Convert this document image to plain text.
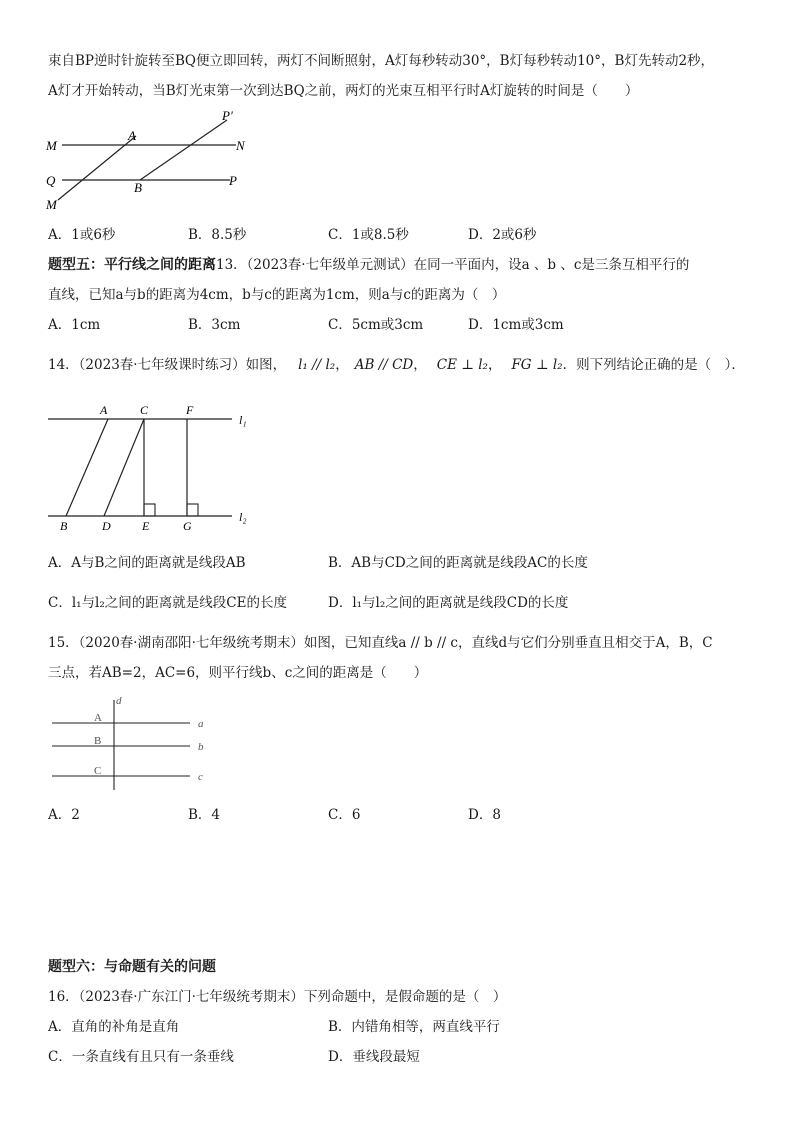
束自BP逆时针旋转至BQ便立即回转，两灯不间断照射，A灯每秒转动30°，B灯每秒转动10°，B灯先转动2秒，
A灯才开始转动，当B灯光束第一次到达BQ之前，两灯的光束互相平行时A灯旋转的时间是（　　）
M	N
A
P′
Q	B	P
M
A．1或6秒	B．8.5秒	C．1或8.5秒	D．2或6秒
题型五：平行线之间的距离13．（2023春·七年级单元测试）在同一平面内，设a 、b 、c是三条互相平行的
直线，已知a与b的距离为4cm，b与c的距离为1cm，则a与c的距离为（　）
A．1cm	B．3cm	C．5cm或3cm	D．1cm或3cm
14．（2023春·七年级课时练习）如图， l₁ // l₂， AB // CD， CE ⊥ l₂， FG ⊥ l₂．则下列结论正确的是（　）．
A	C	F
l₁
B	D	E	G
l₂
A．A与B之间的距离就是线段AB	B．AB与CD之间的距离就是线段AC的长度
C．l₁与l₂之间的距离就是线段CE的长度	D．l₁与l₂之间的距离就是线段CD的长度
15．（2020春·湖南邵阳·七年级统考期末）如图，已知直线a // b // c，直线d与它们分别垂直且相交于A，B，C
三点，若AB=2，AC=6，则平行线b、c之间的距离是（　　）
d
A
B
C
a
b
c
A．2	B．4	C．6	D．8
题型六：与命题有关的问题
16．（2023春·广东江门·七年级统考期末）下列命题中，是假命题的是（　）
A．直角的补角是直角	B．内错角相等，两直线平行
C．一条直线有且只有一条垂线	D．垂线段最短
